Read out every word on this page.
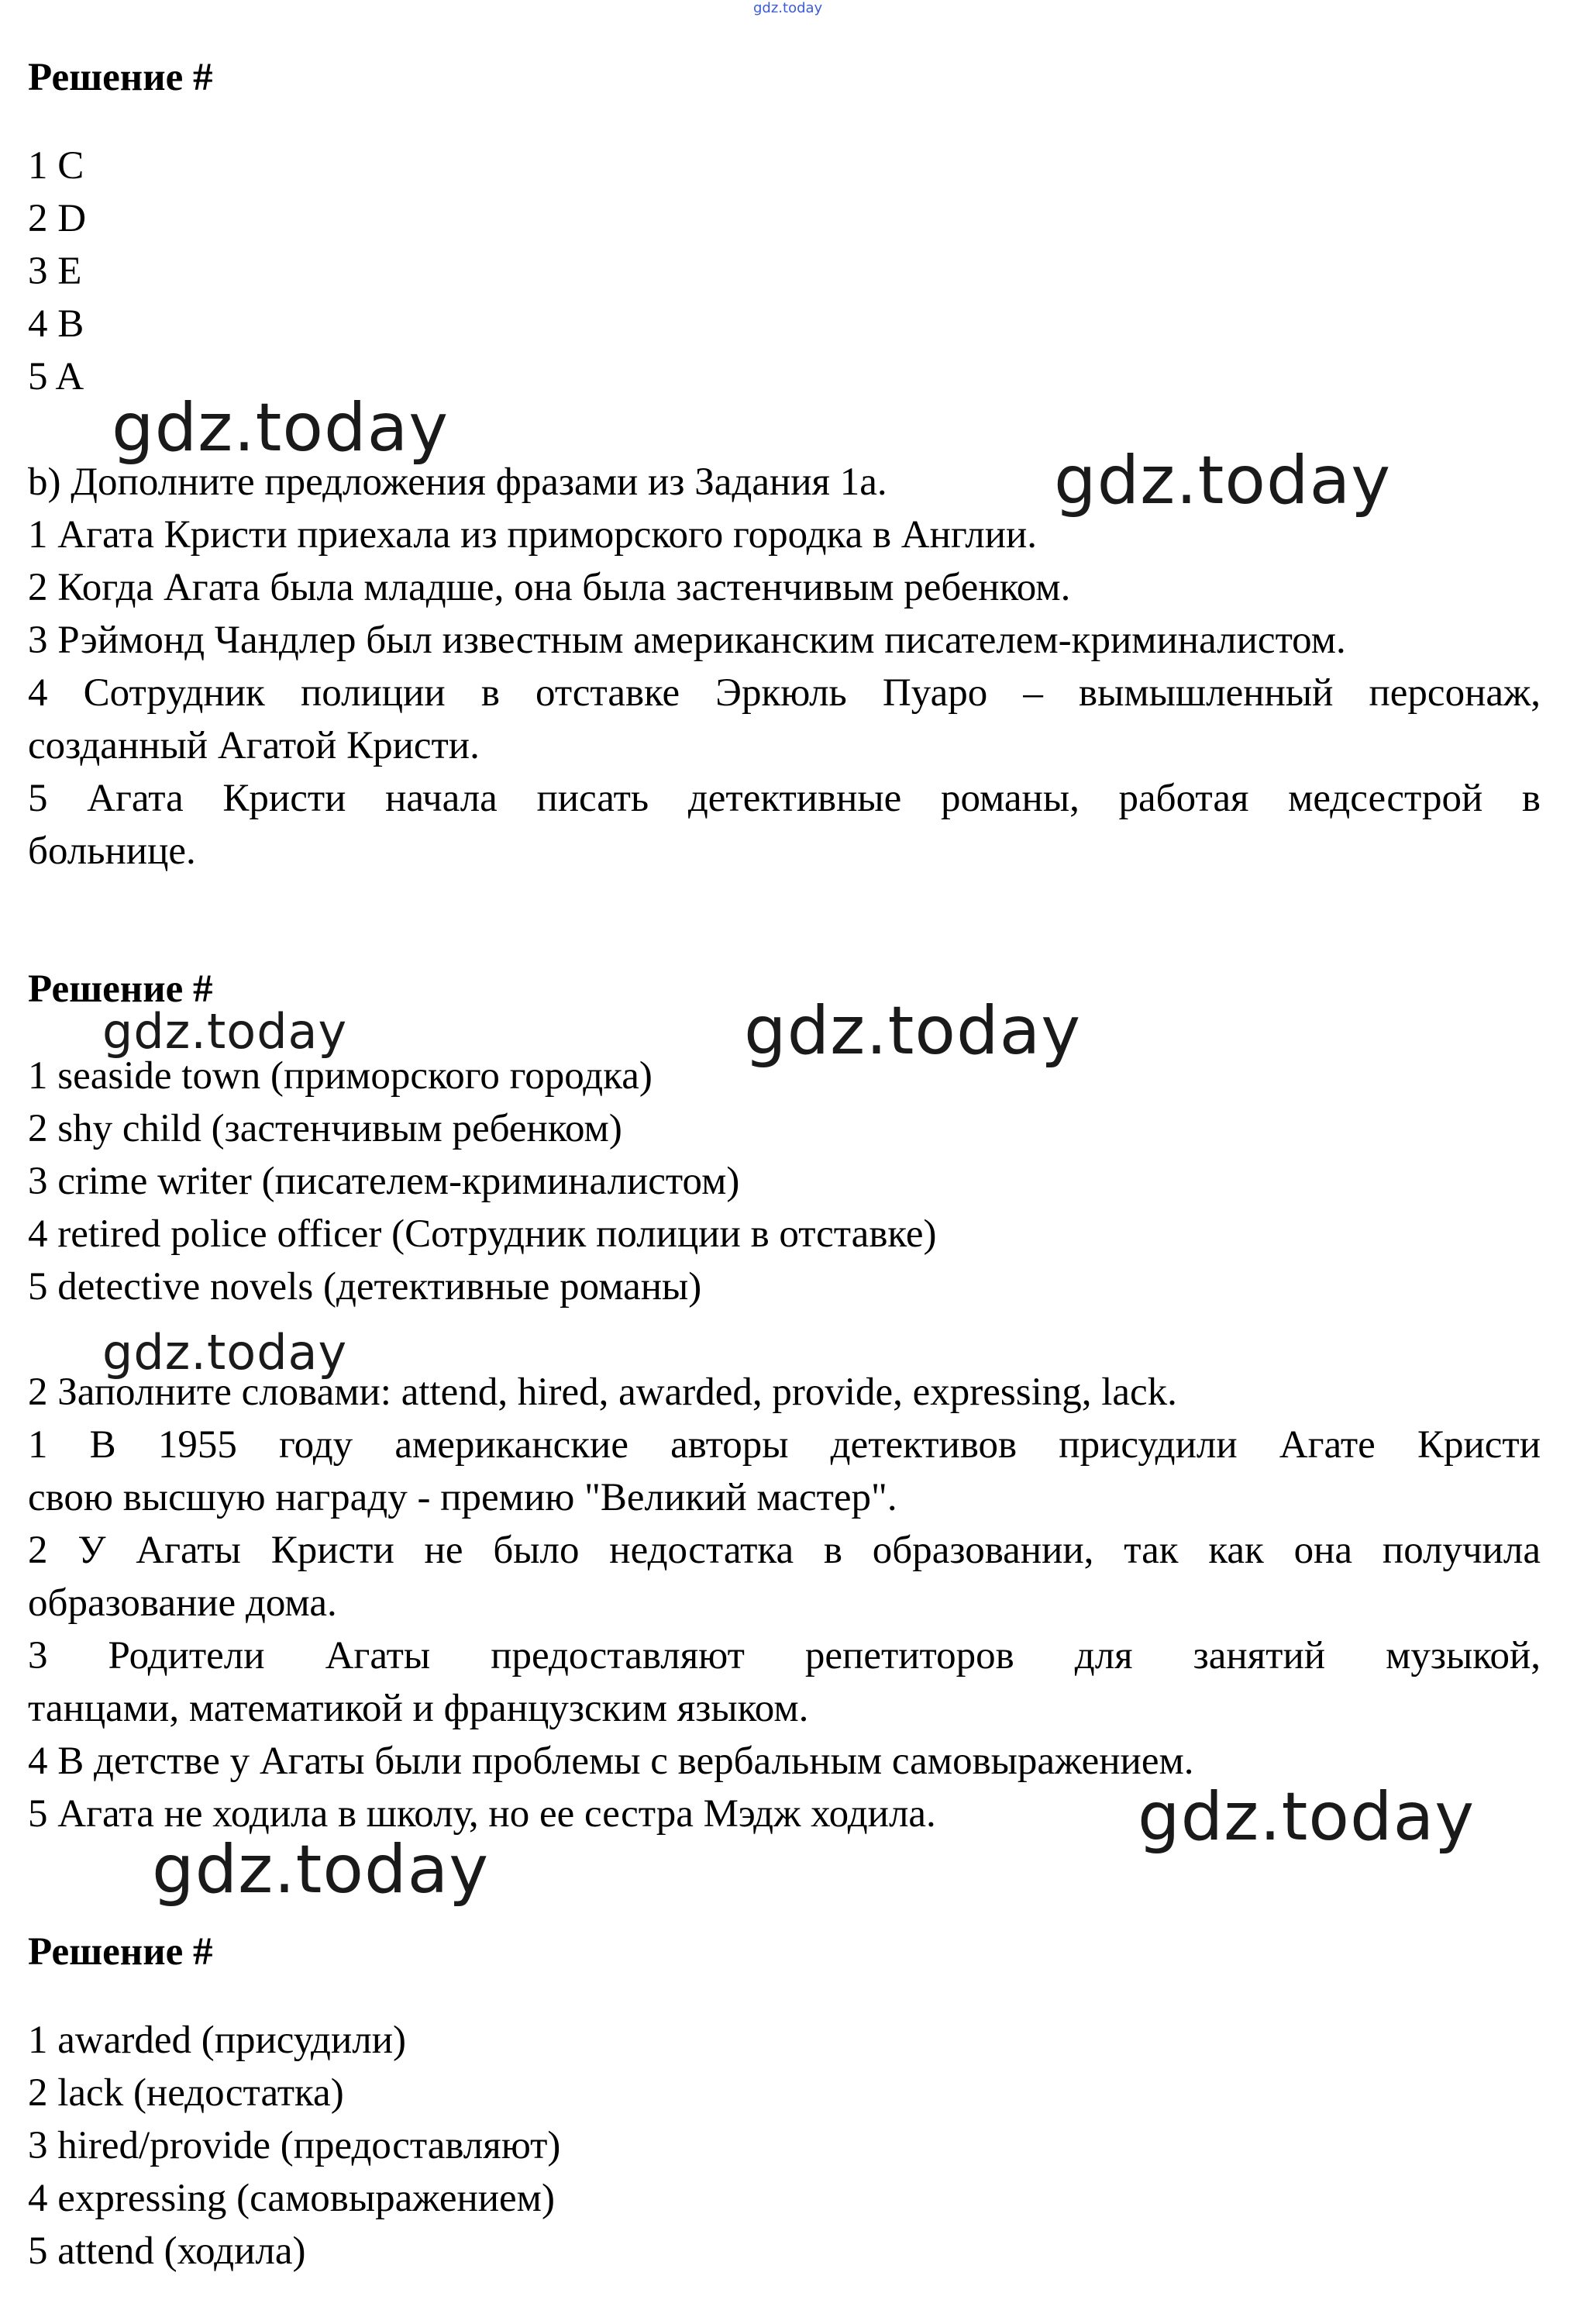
gdz.today
Решение #
1 C
2 D
3 E
4 B
5 A
b) Дополните предложения фразами из Задания 1a.
1 Агата Кристи приехала из приморского городка в Англии.
2 Когда Агата была младше, она была застенчивым ребенком.
3 Рэймонд Чандлер был известным американским писателем-криминалистом.
4 Сотрудник полиции в отставке Эркюль Пуаро – вымышленный персонаж,
созданный Агатой Кристи.
5 Агата Кристи начала писать детективные романы, работая медсестрой в
больнице.
Решение #
1 seaside town (приморского городка)
2 shy child (застенчивым ребенком)
3 crime writer (писателем-криминалистом)
4 retired police officer (Сотрудник полиции в отставке)
5 detective novels (детективные романы)
2 Заполните словами: attend, hired, awarded, provide, expressing, lack.
1 В 1955 году американские авторы детективов присудили Агате Кристи
свою высшую награду - премию "Великий мастер".
2 У Агаты Кристи не было недостатка в образовании, так как она получила
образование дома.
3 Родители Агаты предоставляют репетиторов для занятий музыкой,
танцами, математикой и французским языком.
4 В детстве у Агаты были проблемы с вербальным самовыражением.
5 Агата не ходила в школу, но ее сестра Мэдж ходила.
Решение #
1 awarded (присудили)
2 lack (недостатка)
3 hired/provide (предоставляют)
4 expressing (самовыражением)
5 attend (ходила)
gdz.today
gdz.today
gdz.today	gdz.today
gdz.today
gdz.today
gdz.today
